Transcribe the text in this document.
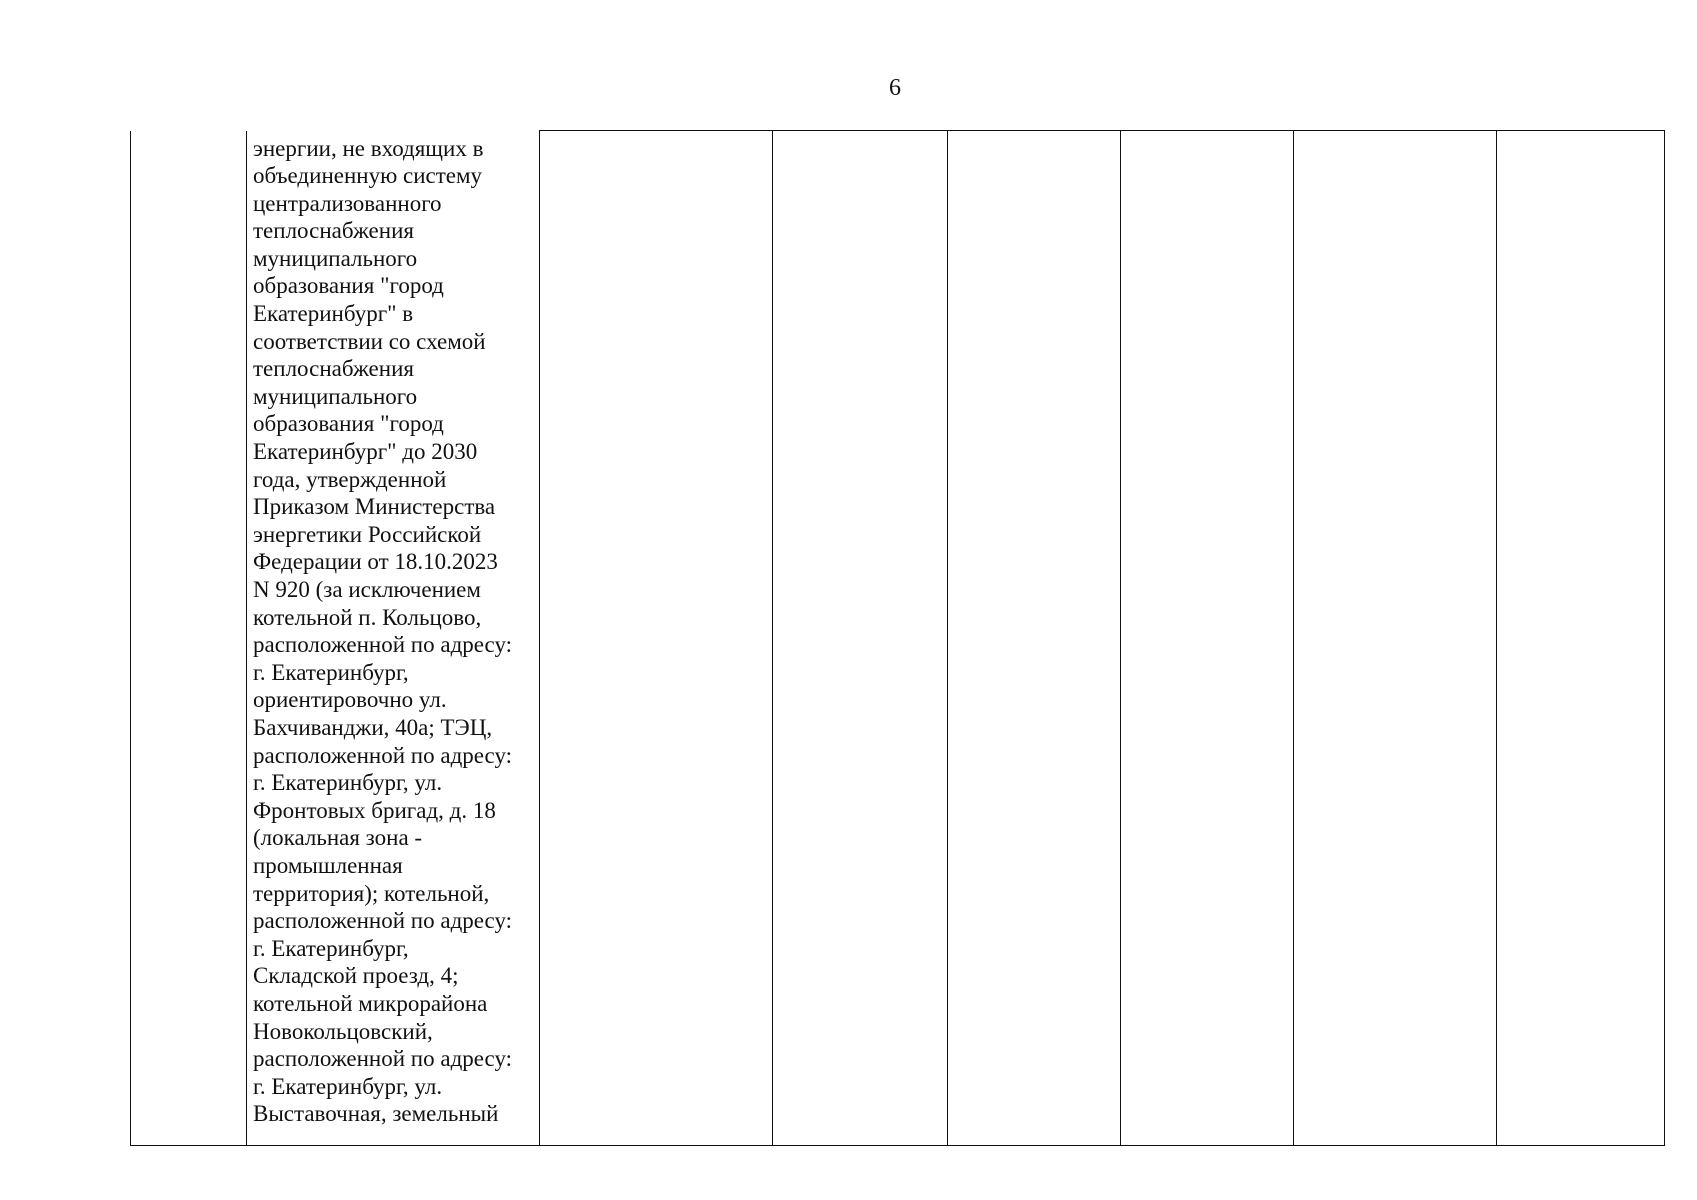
6

энергии, не входящих в
объединенную систему
централизованного
теплоснабжения
муниципального
образования "город
Екатеринбург" в
соответствии со схемой
теплоснабжения
муниципального
образования "город
Екатеринбург" до 2030
года, утвержденной
Приказом Министерства
энергетики Российской
Федерации от 18.10.2023
N 920 (за исключением
котельной п. Кольцово,
расположенной по адресу:
г. Екатеринбург,
ориентировочно ул.
Бахчиванджи, 40а; ТЭЦ,
расположенной по адресу:
г. Екатеринбург, ул.
Фронтовых бригад, д. 18
(локальная зона -
промышленная
территория); котельной,
расположенной по адресу:
г. Екатеринбург,
Складской проезд, 4;
котельной микрорайона
Новокольцовский,
расположенной по адресу:
г. Екатеринбург, ул.
Выставочная, земельный
